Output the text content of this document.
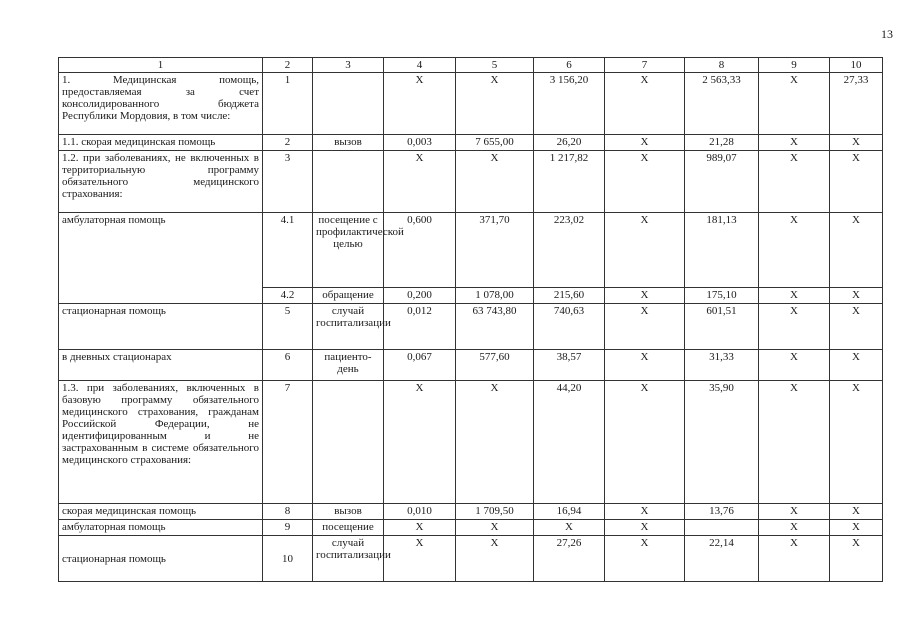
13
1	2	3	4	5	6	7	8	9	10
1. Медицинская помощь, предоставляемая за счет консолидированного бюджета Республики Мордовия, в том числе:	1		Х	Х	3 156,20	Х	2 563,33	Х	27,33
1.1. скорая медицинская помощь	2	вызов	0,003	7 655,00	26,20	Х	21,28	Х	Х
1.2. при заболеваниях, не включенных в территориальную программу обязательного медицинского страхования:	3		Х	Х	1 217,82	Х	989,07	Х	Х
амбулаторная помощь	4.1	посещение с профилактической целью	0,600	371,70	223,02	Х	181,13	Х	Х
	4.2	обращение	0,200	1 078,00	215,60	Х	175,10	Х	Х
стационарная помощь	5	случай госпитализации	0,012	63 743,80	740,63	Х	601,51	Х	Х
в дневных стационарах	6	пациенто-день	0,067	577,60	38,57	Х	31,33	Х	Х
1.3. при заболеваниях, включенных в базовую программу обязательного медицинского страхования, гражданам Российской Федерации, не идентифицированным и не застрахованным в системе обязательного медицинского страхования:	7		Х	Х	44,20	Х	35,90	Х	Х
скорая медицинская помощь	8	вызов	0,010	1 709,50	16,94	Х	13,76	Х	Х
амбулаторная помощь	9	посещение	Х	Х	Х	Х		Х	Х
стационарная помощь	10	случай госпитализации	Х	Х	27,26	Х	22,14	Х	Х
